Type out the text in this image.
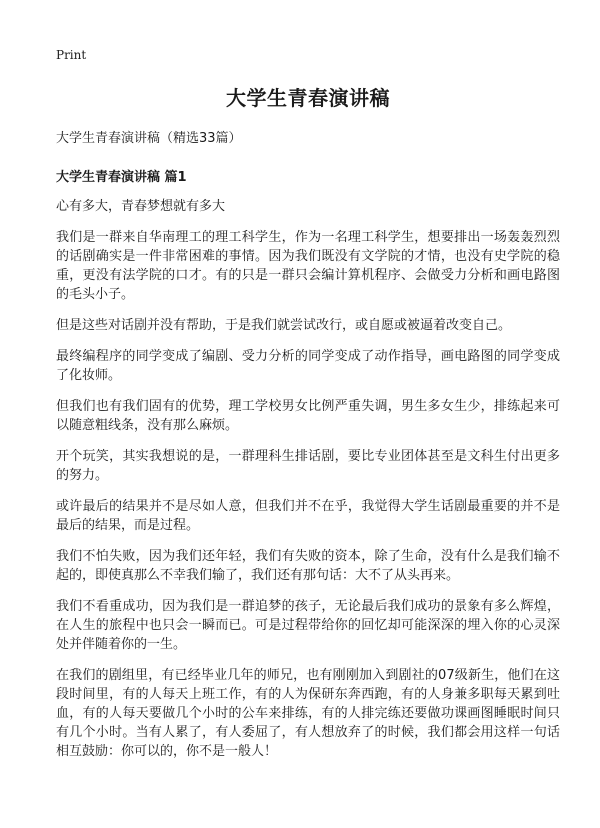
Print
大学生青春演讲稿
大学生青春演讲稿（精选33篇）
大学生青春演讲稿 篇1

心有多大，青春梦想就有多大

我们是一群来自华南理工的理工科学生，作为一名理工科学生，想要排出一场轰轰烈烈的话剧确实是一件非常困难的事情。因为我们既没有文学院的才情，也没有史学院的稳重，更没有法学院的口才。有的只是一群只会编计算机程序、会做受力分析和画电路图的毛头小子。

但是这些对话剧并没有帮助，于是我们就尝试改行，或自愿或被逼着改变自己。

最终编程序的同学变成了编剧、受力分析的同学变成了动作指导，画电路图的同学变成了化妆师。

但我们也有我们固有的优势，理工学校男女比例严重失调，男生多女生少，排练起来可以随意粗线条，没有那么麻烦。

开个玩笑，其实我想说的是，一群理科生排话剧，要比专业团体甚至是文科生付出更多的努力。

或许最后的结果并不是尽如人意，但我们并不在乎，我觉得大学生话剧最重要的并不是最后的结果，而是过程。

我们不怕失败，因为我们还年轻，我们有失败的资本，除了生命，没有什么是我们输不起的，即使真那么不幸我们输了，我们还有那句话：大不了从头再来。

我们不看重成功，因为我们是一群追梦的孩子，无论最后我们成功的景象有多么辉煌，在人生的旅程中也只会一瞬而已。可是过程带给你的回忆却可能深深的埋入你的心灵深处并伴随着你的一生。

在我们的剧组里，有已经毕业几年的师兄，也有刚刚加入到剧社的07级新生，他们在这段时间里，有的人每天上班工作，有的人为保研东奔西跑，有的人身兼多职每天累到吐血，有的人每天要做几个小时的公车来排练，有的人排完练还要做功课画图睡眠时间只有几个小时。当有人累了，有人委屈了，有人想放弃了的时候，我们都会用这样一句话相互鼓励：你可以的，你不是一般人！
